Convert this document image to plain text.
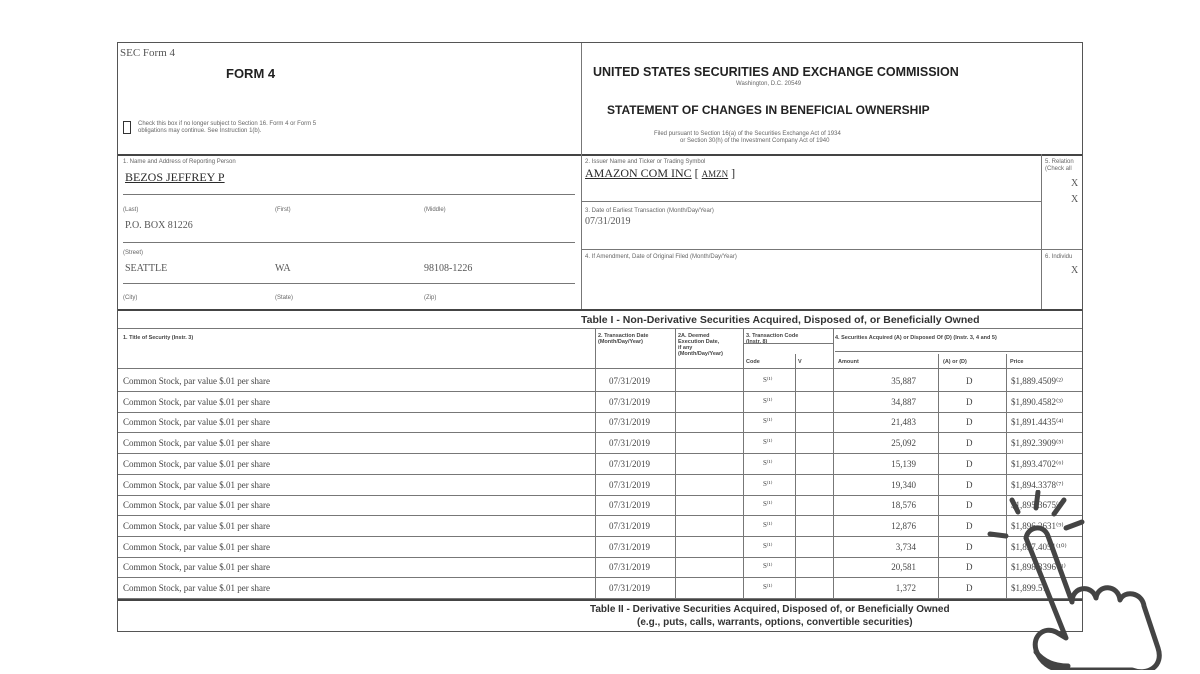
SEC Form 4
FORM 4
Check this box if no longer subject to Section 16. Form 4 or Form 5
obligations may continue. See Instruction 1(b).
UNITED STATES SECURITIES AND EXCHANGE COMMISSION
Washington, D.C. 20549
STATEMENT OF CHANGES IN BENEFICIAL OWNERSHIP
Filed pursuant to Section 16(a) of the Securities Exchange Act of 1934
or Section 30(h) of the Investment Company Act of 1940
1. Name and Address of Reporting Person
BEZOS JEFFREY P
(Last)	(First)	(Middle)
P.O. BOX 81226
(Street)
SEATTLE	WA	98108-1226
(City)	(State)	(Zip)
2. Issuer Name and Ticker or Trading Symbol
AMAZON COM INC [ AMZN ]
3. Date of Earliest Transaction (Month/Day/Year)
07/31/2019
4. If Amendment, Date of Original Filed (Month/Day/Year)
5. Relation
(Check all
X
X
6. Individu
X
Table I - Non-Derivative Securities Acquired, Disposed of, or Beneficially Owned
1. Title of Security (Instr. 3)	2. Transaction Date
(Month/Day/Year)
2A. Deemed
Execution Date,
if any
(Month/Day/Year)
3. Transaction Code
(Instr. 8)
Code	V
4. Securities Acquired (A) or Disposed Of (D) (Instr. 3, 4 and 5)
Amount	(A) or (D)	Price
Common Stock, par value $.01 per share	07/31/2019	S⁽¹⁾	35,887	D	$1,889.4509⁽²⁾
Common Stock, par value $.01 per share	07/31/2019	S⁽¹⁾	34,887	D	$1,890.4582⁽³⁾
Common Stock, par value $.01 per share	07/31/2019	S⁽¹⁾	21,483	D	$1,891.4435⁽⁴⁾
Common Stock, par value $.01 per share	07/31/2019	S⁽¹⁾	25,092	D	$1,892.3909⁽⁵⁾
Common Stock, par value $.01 per share	07/31/2019	S⁽¹⁾	15,139	D	$1,893.4702⁽⁶⁾
Common Stock, par value $.01 per share	07/31/2019	S⁽¹⁾	19,340	D	$1,894.3378⁽⁷⁾
Common Stock, par value $.01 per share	07/31/2019	S⁽¹⁾	18,576	D	$1,895.3675⁽⁸⁾
Common Stock, par value $.01 per share	07/31/2019	S⁽¹⁾	12,876	D	$1,896.2631⁽⁹⁾
Common Stock, par value $.01 per share	07/31/2019	S⁽¹⁾	3,734	D	$1,897.4051⁽¹⁰⁾
Common Stock, par value $.01 per share	07/31/2019	S⁽¹⁾	20,581	D	$1,898.3396⁽¹¹⁾
Common Stock, par value $.01 per share	07/31/2019	S⁽¹⁾	1,372	D	$1,899.57
Table II - Derivative Securities Acquired, Disposed of, or Beneficially Owned
(e.g., puts, calls, warrants, options, convertible securities)
